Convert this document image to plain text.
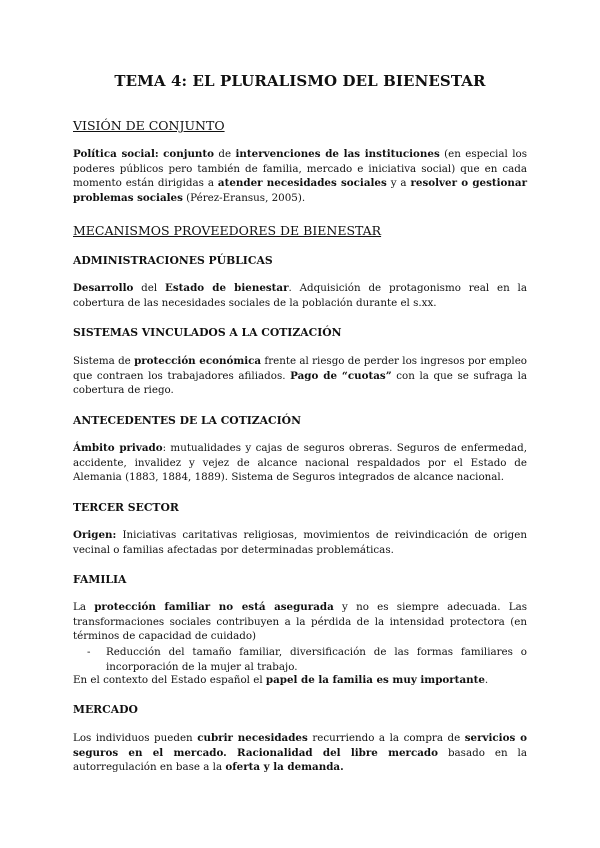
TEMA 4: EL PLURALISMO DEL BIENESTAR
VISIÓN DE CONJUNTO
Política social: conjunto de intervenciones de las instituciones (en especial los poderes públicos pero también de familia, mercado e iniciativa social) que en cada momento están dirigidas a atender necesidades sociales y a resolver o gestionar problemas sociales (Pérez-Eransus, 2005).
MECANISMOS PROVEEDORES DE BIENESTAR
ADMINISTRACIONES PÚBLICAS
Desarrollo del Estado de bienestar. Adquisición de protagonismo real en la cobertura de las necesidades sociales de la población durante el s.xx.
SISTEMAS VINCULADOS A LA COTIZACIÓN
Sistema de protección económica frente al riesgo de perder los ingresos por empleo que contraen los trabajadores afiliados. Pago de “cuotas” con la que se sufraga la cobertura de riego.
ANTECEDENTES DE LA COTIZACIÓN
Ámbito privado: mutualidades y cajas de seguros obreras. Seguros de enfermedad, accidente, invalidez y vejez de alcance nacional respaldados por el Estado de Alemania (1883, 1884, 1889). Sistema de Seguros integrados de alcance nacional.
TERCER SECTOR
Origen: Iniciativas caritativas religiosas, movimientos de reivindicación de origen vecinal o familias afectadas por determinadas problemáticas.
FAMILIA
La protección familiar no está asegurada y no es siempre adecuada. Las transformaciones sociales contribuyen a la pérdida de la intensidad protectora (en términos de capacidad de cuidado)
- Reducción del tamaño familiar, diversificación de las formas familiares o incorporación de la mujer al trabajo.
En el contexto del Estado español el papel de la familia es muy importante.
MERCADO
Los individuos pueden cubrir necesidades recurriendo a la compra de servicios o seguros en el mercado. Racionalidad del libre mercado basado en la autorregulación en base a la oferta y la demanda.
